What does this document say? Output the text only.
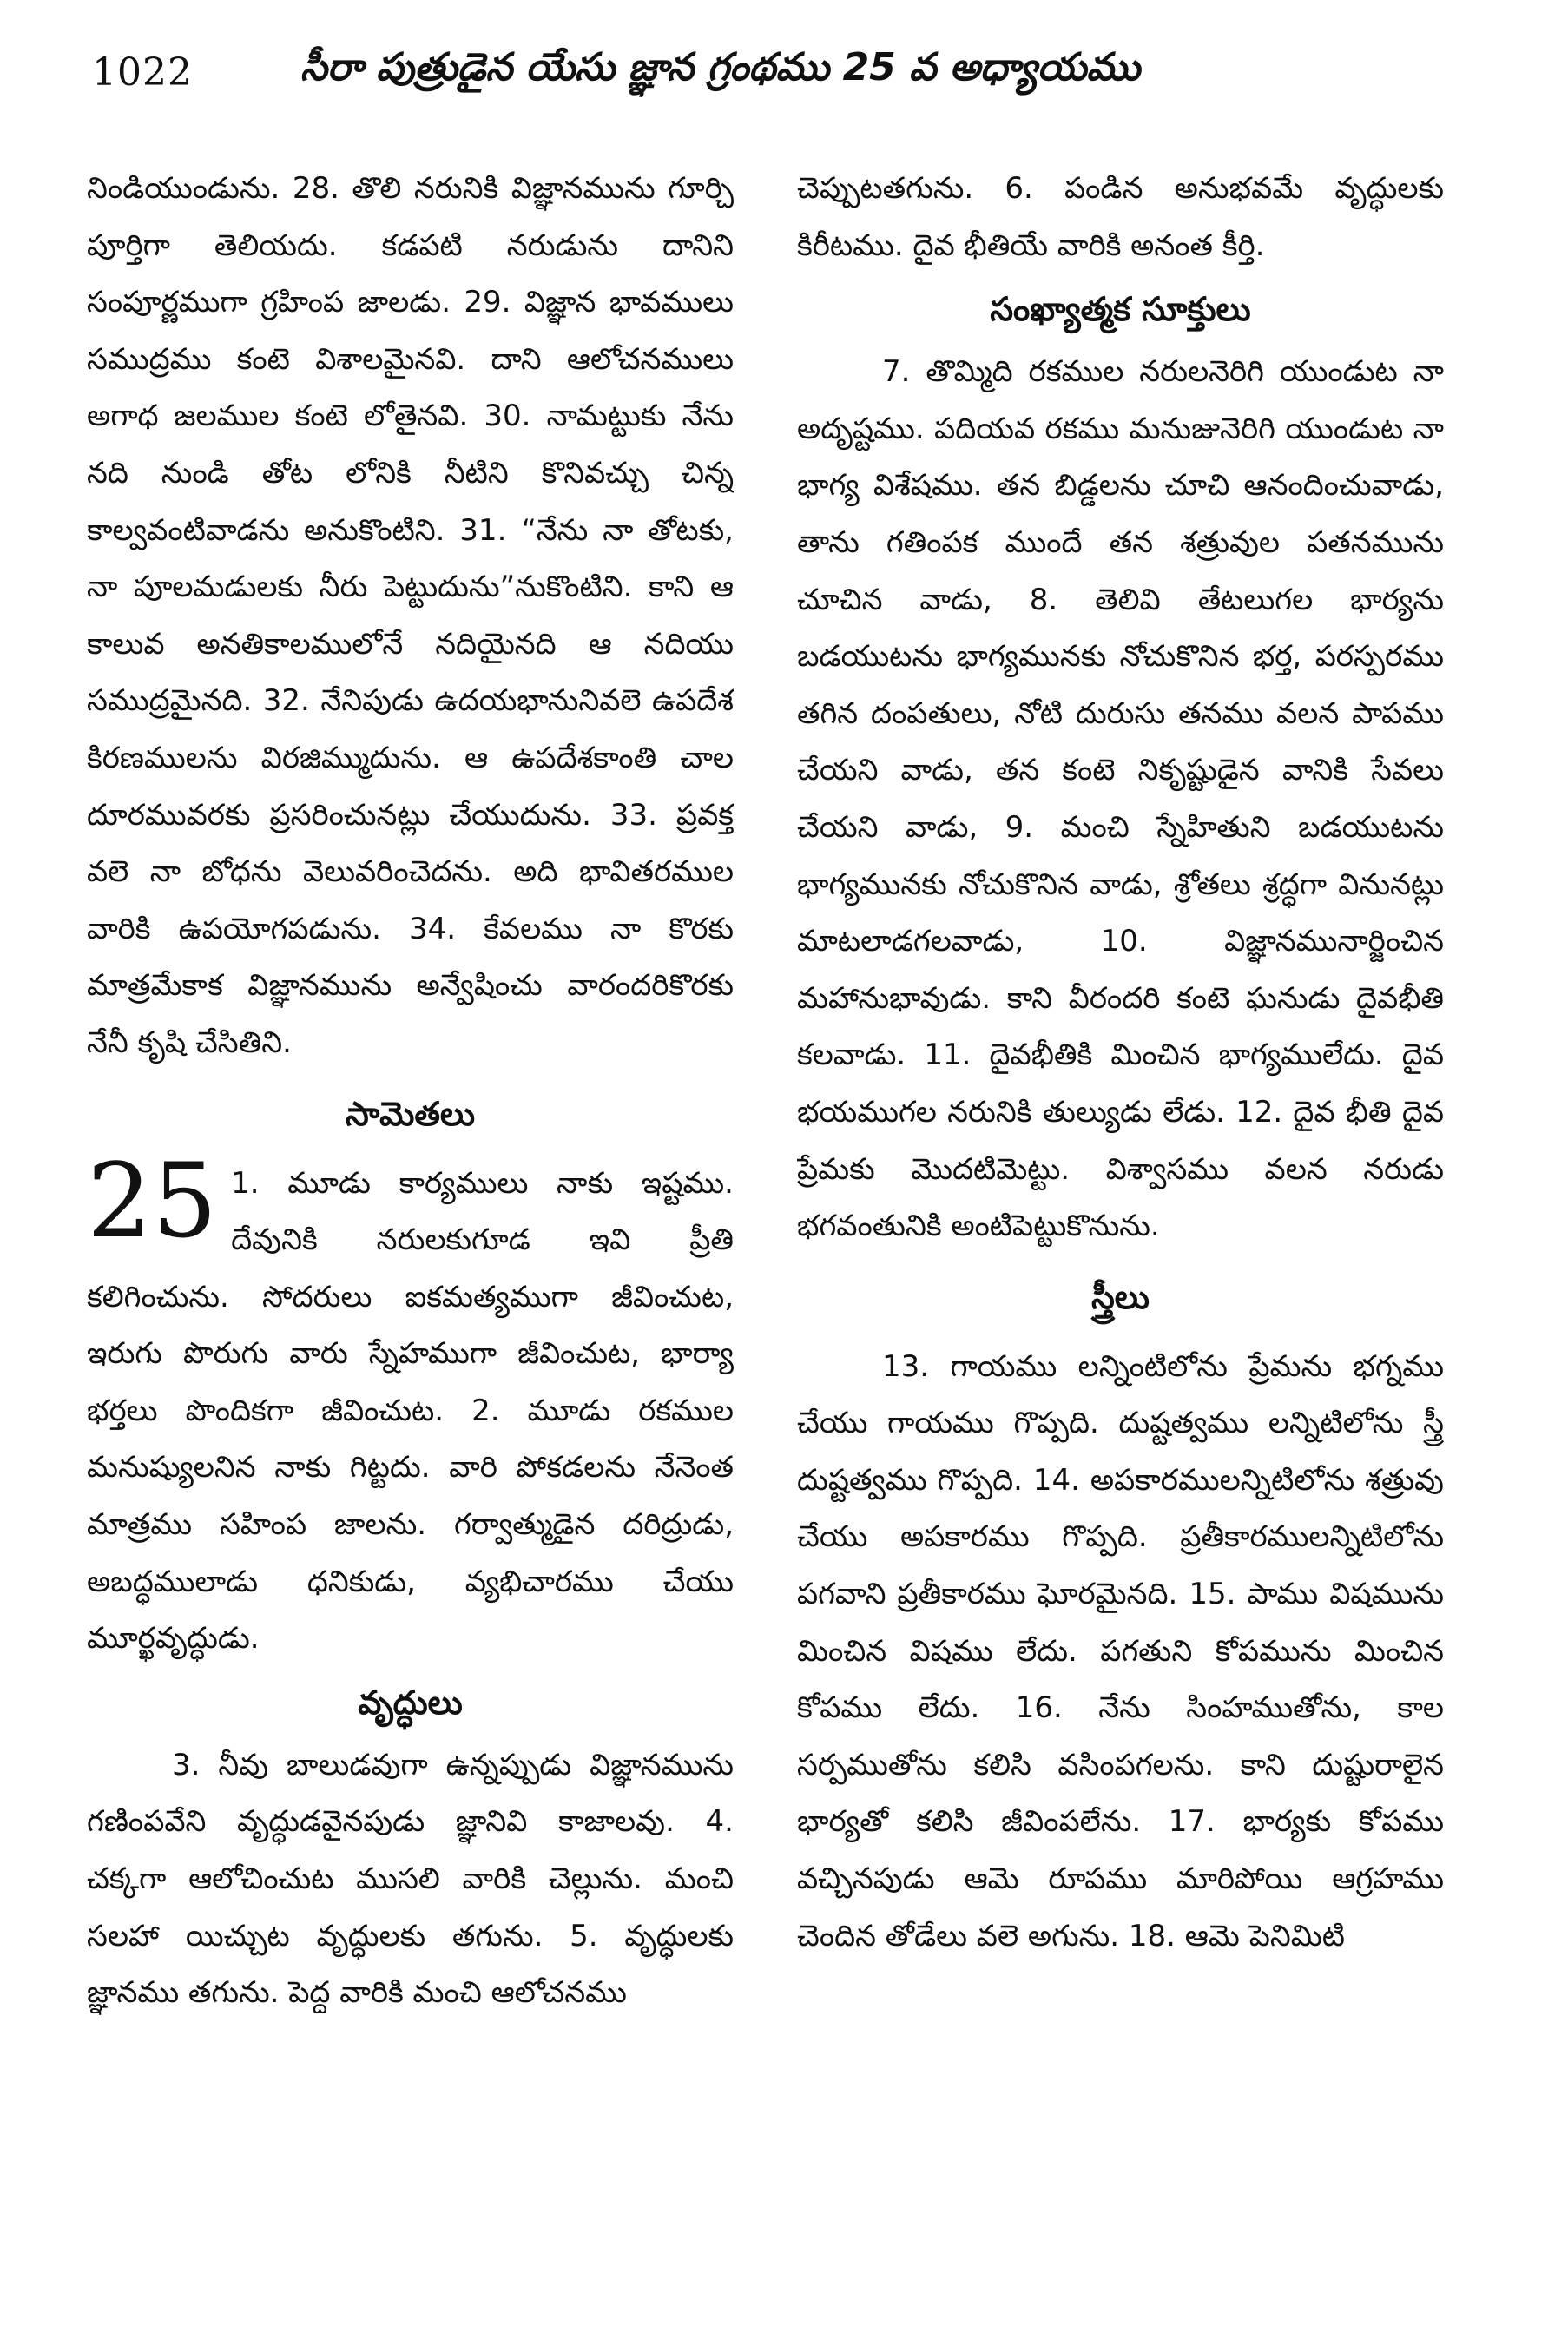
1022	సీరా పుత్రుడైన యేసు జ్ఞాన గ్రంథము 25 వ అధ్యాయము

నిండియుండును. 28. తొలి నరునికి విజ్ఞానమును గూర్చి పూర్తిగా తెలియదు. కడపటి నరుడును దానిని సంపూర్ణముగా గ్రహింప జాలడు. 29. విజ్ఞాన భావములు సముద్రము కంటె విశాలమైనవి. దాని ఆలోచనములు అగాధ జలముల కంటె లోతైనవి. 30. నామట్టుకు నేను నది నుండి తోట లోనికి నీటిని కొనివచ్చు చిన్న కాల్వవంటివాడను అనుకొంటిని. 31. “నేను నా తోటకు, నా పూలమడులకు నీరు పెట్టుదును”నుకొంటిని. కాని ఆ కాలువ అనతికాలములోనే నదియైనది ఆ నదియు సముద్రమైనది. 32. నేనిపుడు ఉదయభానునివలె ఉపదేశ కిరణములను విరజిమ్ముదును. ఆ ఉపదేశకాంతి చాల దూరమువరకు ప్రసరించునట్లు చేయుదును. 33. ప్రవక్త వలె నా బోధను వెలువరించెదను. అది భావితరముల వారికి ఉపయోగపడును. 34. కేవలము నా కొరకు మాత్రమేకాక విజ్ఞానమును అన్వేషించు వారందరికొరకు నేనీ కృషి చేసితిని.

సామెతలు
25 1. మూడు కార్యములు నాకు ఇష్టము. దేవునికి నరులకుగూడ ఇవి ప్రీతి కలిగించును. సోదరులు ఐకమత్యముగా జీవించుట, ఇరుగు పొరుగు వారు స్నేహముగా జీవించుట, భార్యా భర్తలు పొందికగా జీవించుట. 2. మూడు రకముల మనుష్యులనిన నాకు గిట్టదు. వారి పోకడలను నేనెంత మాత్రము సహింప జాలను. గర్వాత్ముడైన దరిద్రుడు, అబద్ధములాడు ధనికుడు, వ్యభిచారము చేయు మూర్ఖవృద్ధుడు.

వృద్ధులు

3. నీవు బాలుడవుగా ఉన్నప్పుడు విజ్ఞానమును గణింపవేని వృద్ధుడవైనపుడు జ్ఞానివి కాజాలవు. 4. చక్కగా ఆలోచించుట ముసలి వారికి చెల్లును. మంచి సలహా యిచ్చుట వృద్ధులకు తగును. 5. వృద్ధులకు జ్ఞానము తగును. పెద్ద వారికి మంచి ఆలోచనము

చెప్పుటతగును. 6. పండిన అనుభవమే వృద్ధులకు కిరీటము. దైవ భీతియే వారికి అనంత కీర్తి.

సంఖ్యాత్మక సూక్తులు

7. తొమ్మిది రకముల నరులనెరిగి యుండుట నా అదృష్టము. పదియవ రకము మనుజునెరిగి యుండుట నా భాగ్య విశేషము. తన బిడ్డలను చూచి ఆనందించువాడు, తాను గతింపక ముందే తన శత్రువుల పతనమును చూచిన వాడు, 8. తెలివి తేటలుగల భార్యను బడయుటను భాగ్యమునకు నోచుకొనిన భర్త, పరస్పరము తగిన దంపతులు, నోటి దురుసు తనము వలన పాపము చేయని వాడు, తన కంటె నికృష్టుడైన వానికి సేవలు చేయని వాడు, 9. మంచి స్నేహితుని బడయుటను భాగ్యమునకు నోచుకొనిన వాడు, శ్రోతలు శ్రద్ధగా వినునట్లు మాటలాడగలవాడు, 10. విజ్ఞానమునార్జించిన మహానుభావుడు. కాని వీరందరి కంటె ఘనుడు దైవభీతి కలవాడు. 11. దైవభీతికి మించిన భాగ్యములేదు. దైవ భయముగల నరునికి తుల్యుడు లేడు. 12. దైవ భీతి దైవ ప్రేమకు మొదటిమెట్టు. విశ్వాసము వలన నరుడు భగవంతునికి అంటిపెట్టుకొనును.

స్త్రీలు

13. గాయము లన్నింటిలోను ప్రేమను భగ్నము చేయు గాయము గొప్పది. దుష్టత్వము లన్నిటిలోను స్త్రీ దుష్టత్వము గొప్పది. 14. అపకారములన్నిటిలోను శత్రువు చేయు అపకారము గొప్పది. ప్రతీకారములన్నిటిలోను పగవాని ప్రతీకారము ఘోరమైనది. 15. పాము విషమును మించిన విషము లేదు. పగతుని కోపమును మించిన కోపము లేదు. 16. నేను సింహముతోను, కాల సర్పముతోను కలిసి వసింపగలను. కాని దుష్టురాలైన భార్యతో కలిసి జీవింపలేను. 17. భార్యకు కోపము వచ్చినపుడు ఆమె రూపము మారిపోయి ఆగ్రహము చెందిన తోడేలు వలె అగును. 18. ఆమె పెనిమిటి
